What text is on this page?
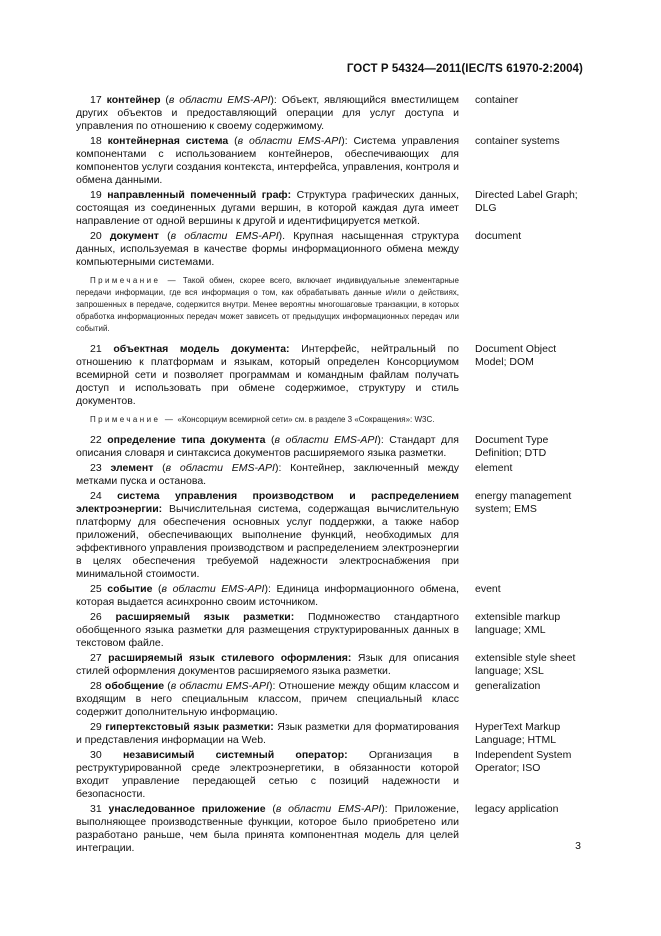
ГОСТ Р 54324—2011(IEC/TS 61970-2:2004)
17 контейнер (в области EMS-API): Объект, являющийся вместилищем других объектов и предоставляющий операции для услуг доступа и управления по отношению к своему содержимому.
container
18 контейнерная система (в области EMS-API): Система управления компонентами с использованием контейнеров, обеспечивающих для компонентов услуги создания контекста, интерфейса, управления, контроля и обмена данными.
container systems
19 направленный помеченный граф: Структура графических данных, состоящая из соединенных дугами вершин, в которой каждая дуга имеет направление от одной вершины к другой и идентифицируется меткой.
Directed Label Graph;
DLG
20 документ (в области EMS-API). Крупная насыщенная структура данных, используемая в качестве формы информационного обмена между компьютерными системами.
document
Примечание — Такой обмен, скорее всего, включает индивидуальные элементарные передачи информации, где вся информация о том, как обрабатывать данные и/или о действиях, запрошенных в передаче, содержится внутри. Менее вероятны многошаговые транзакции, в которых обработка информационных передач может зависеть от предыдущих информационных передач или событий.
21 объектная модель документа: Интерфейс, нейтральный по отношению к платформам и языкам, который определен Консорциумом всемирной сети и позволяет программам и командным файлам получать доступ и использовать при обмене содержимое, структуру и стиль документов.
Document Object Model; DOM
Примечание — «Консорциум всемирной сети» см. в разделе 3 «Сокращения»: W3C.
22 определение типа документа (в области EMS-API): Стандарт для описания словаря и синтаксиса документов расширяемого языка разметки.
Document Type Definition; DTD
23 элемент (в области EMS-API): Контейнер, заключенный между метками пуска и останова.
element
24 система управления производством и распределением электроэнергии: Вычислительная система, содержащая вычислительную платформу для обеспечения основных услуг поддержки, а также набор приложений, обеспечивающих выполнение функций, необходимых для эффективного управления производством и распределением электроэнергии в целях обеспечения требуемой надежности электроснабжения при минимальной стоимости.
energy management system; EMS
25 событие (в области EMS-API): Единица информационного обмена, которая выдается асинхронно своим источником.
event
26 расширяемый язык разметки: Подмножество стандартного обобщенного языка разметки для размещения структурированных данных в текстовом файле.
extensible markup language; XML
27 расширяемый язык стилевого оформления: Язык для описания стилей оформления документов расширяемого языка разметки.
extensible style sheet language; XSL
28 обобщение (в области EMS-API): Отношение между общим классом и входящим в него специальным классом, причем специальный класс содержит дополнительную информацию.
generalization
29 гипертекстовый язык разметки: Язык разметки для форматирования и представления информации на Web.
HyperText Markup Language; HTML
30 независимый системный оператор: Организация в реструктурированной среде электроэнергетики, в обязанности которой входит управление передающей сетью с позиций надежности и безопасности.
Independent System Operator; ISO
31 унаследованное приложение (в области EMS-API): Приложение, выполняющее производственные функции, которое было приобретено или разработано раньше, чем была принята компонентная модель для целей интеграции.
legacy application
3
